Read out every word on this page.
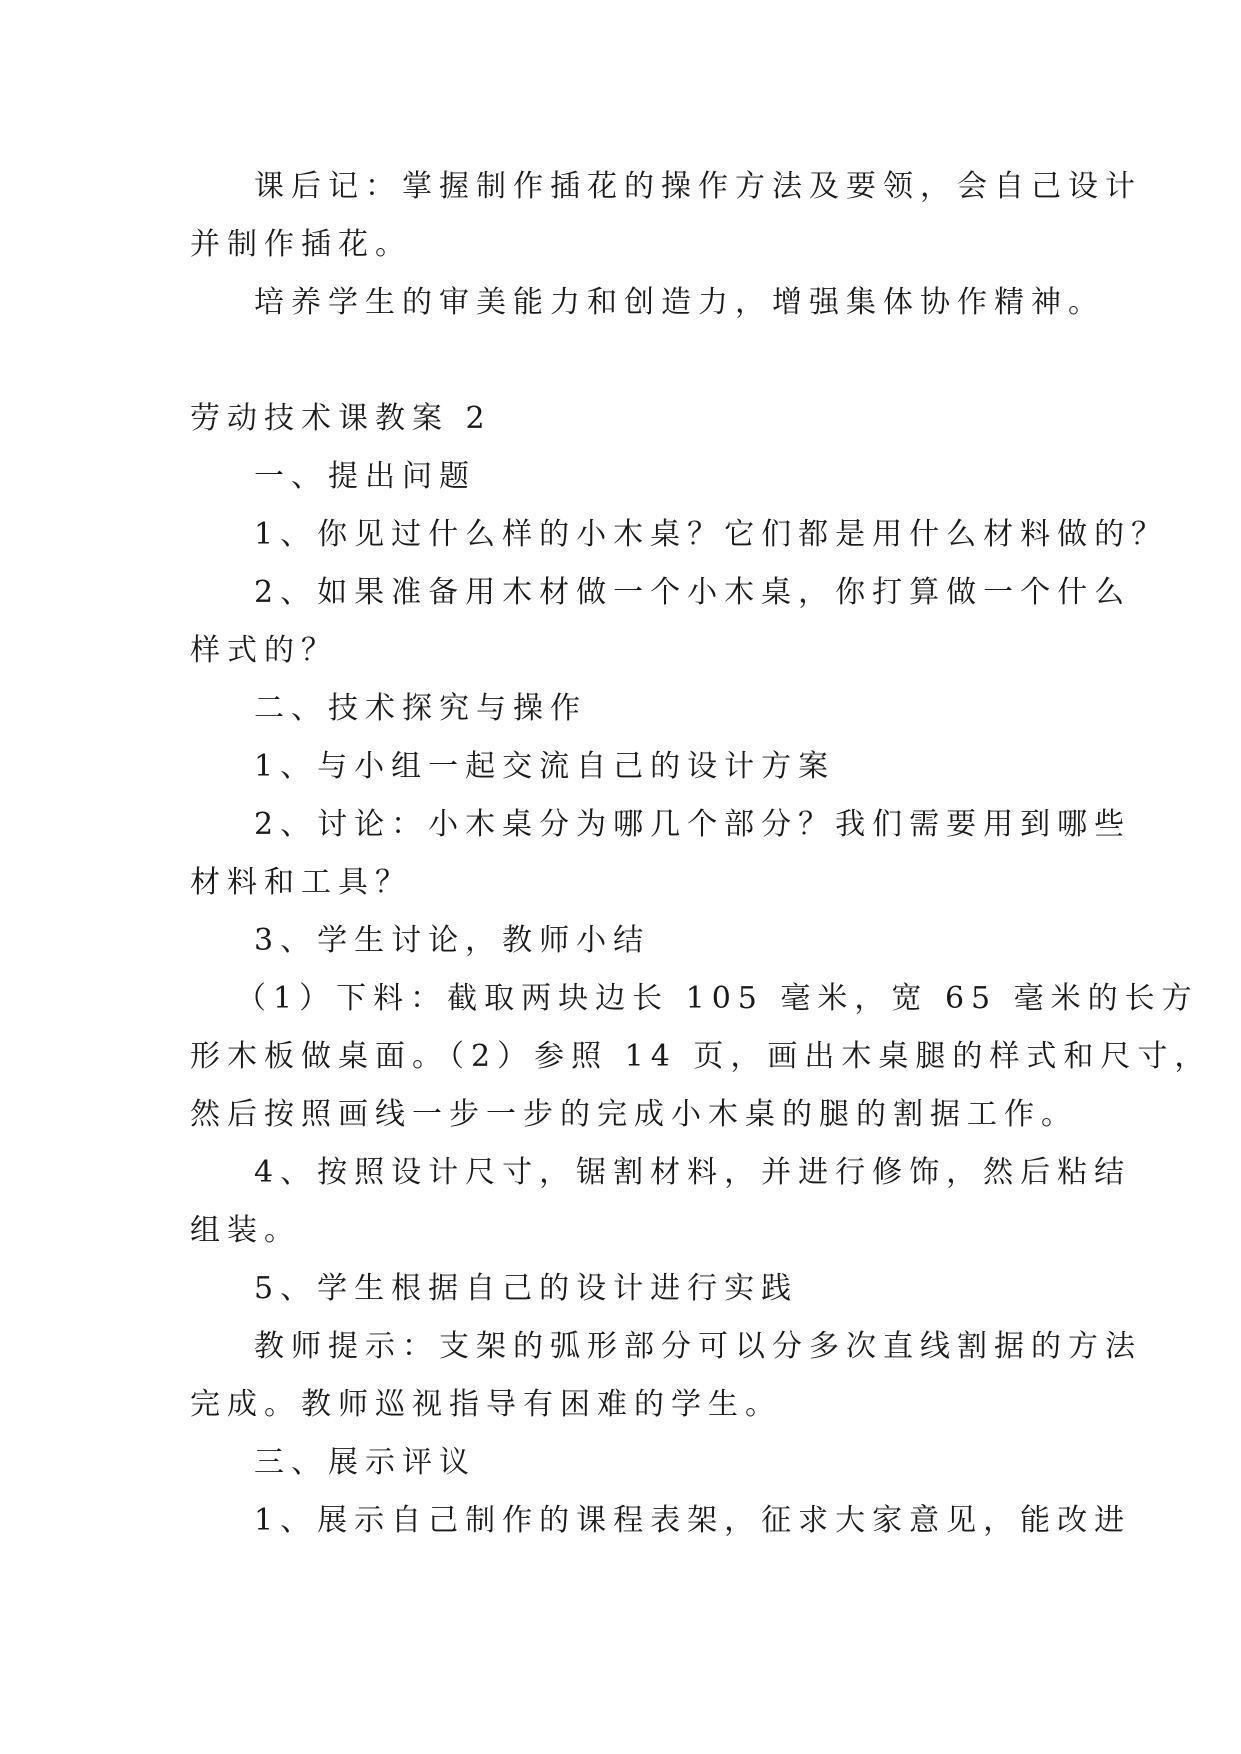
课后记：掌握制作插花的操作方法及要领，会自己设计

并制作插花。

培养学生的审美能力和创造力，增强集体协作精神。

劳动技术课教案 2

一、提出问题

1、你见过什么样的小木桌？它们都是用什么材料做的？

2、如果准备用木材做一个小木桌，你打算做一个什么

样式的？

二、技术探究与操作

1、与小组一起交流自己的设计方案

2、讨论：小木桌分为哪几个部分？我们需要用到哪些

材料和工具？

3、学生讨论，教师小结

（1）下料：截取两块边长 105 毫米，宽 65 毫米的长方

形木板做桌面。（2）参照 14 页，画出木桌腿的样式和尺寸，

然后按照画线一步一步的完成小木桌的腿的割据工作。

4、按照设计尺寸，锯割材料，并进行修饰，然后粘结

组装。

5、学生根据自己的设计进行实践

教师提示：支架的弧形部分可以分多次直线割据的方法

完成。教师巡视指导有困难的学生。

三、展示评议

1、展示自己制作的课程表架，征求大家意见，能改进
